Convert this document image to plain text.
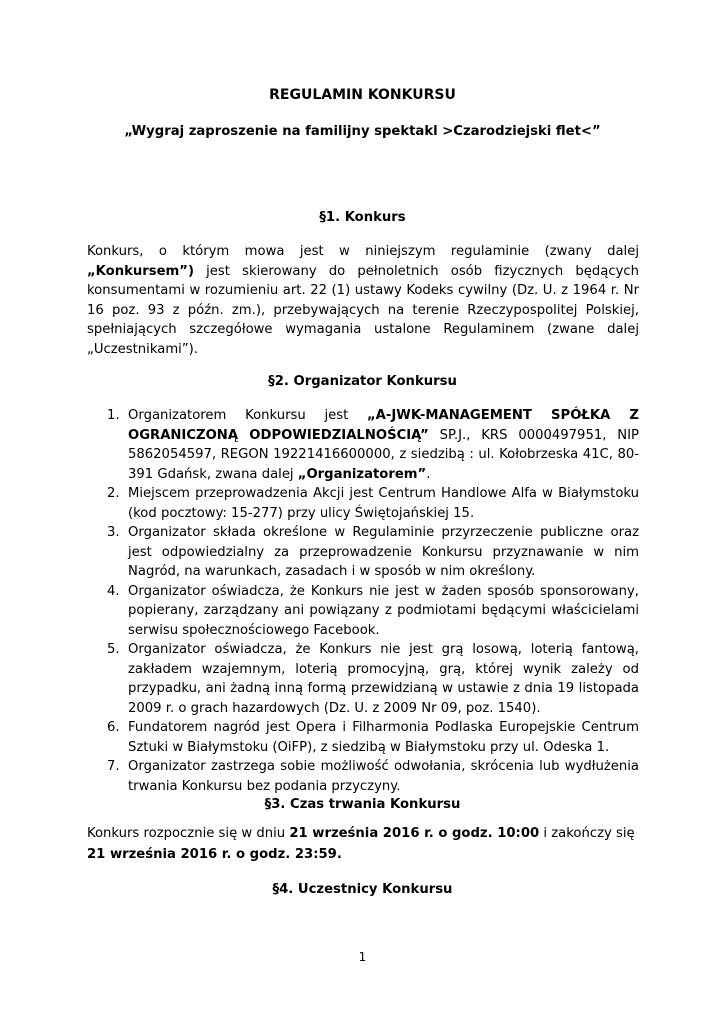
REGULAMIN KONKURSU
„Wygraj zaproszenie na familijny spektakl >Czarodziejski flet<”
§1. Konkurs

Konkurs, o którym mowa jest w niniejszym regulaminie (zwany dalej „Konkursem”) jest skierowany do pełnoletnich osób fizycznych będących konsumentami w rozumieniu art. 22 (1) ustawy Kodeks cywilny (Dz. U. z 1964 r. Nr 16 poz. 93 z późn. zm.), przebywających na terenie Rzeczypospolitej Polskiej, spełniających szczegółowe wymagania ustalone Regulaminem (zwane dalej „Uczestnikami”).

§2. Organizator Konkursu
1. Organizatorem Konkursu jest „A-JWK-MANAGEMENT SPÓŁKA Z OGRANICZONĄ ODPOWIEDZIALNOŚCIĄ” SP.J., KRS 0000497951, NIP 5862054597, REGON 19221416600000, z siedzibą : ul. Kołobrzeska 41C, 80-391 Gdańsk, zwana dalej „Organizatorem”.
2. Miejscem przeprowadzenia Akcji jest Centrum Handlowe Alfa w Białymstoku (kod pocztowy: 15-277) przy ulicy Świętojańskiej 15.
3. Organizator składa określone w Regulaminie przyrzeczenie publiczne oraz jest odpowiedzialny za przeprowadzenie Konkursu przyznawanie w nim Nagród, na warunkach, zasadach i w sposób w nim określony.
4. Organizator oświadcza, że Konkurs nie jest w żaden sposób sponsorowany, popierany, zarządzany ani powiązany z podmiotami będącymi właścicielami serwisu społecznościowego Facebook.
5. Organizator oświadcza, że Konkurs nie jest grą losową, loterią fantową, zakładem wzajemnym, loterią promocyjną, grą, której wynik zależy od przypadku, ani żadną inną formą przewidzianą w ustawie z dnia 19 listopada 2009 r. o grach hazardowych (Dz. U. z 2009 Nr 09, poz. 1540).
6. Fundatorem nagród jest Opera i Filharmonia Podlaska Europejskie Centrum Sztuki w Białymstoku (OiFP), z siedzibą w Białymstoku przy ul. Odeska 1.
7. Organizator zastrzega sobie możliwość odwołania, skrócenia lub wydłużenia trwania Konkursu bez podania przyczyny.
§3. Czas trwania Konkursu

Konkurs rozpocznie się w dniu 21 września 2016 r. o godz. 10:00 i zakończy się
21 września 2016 r. o godz. 23:59.

§4. Uczestnicy Konkursu
1
